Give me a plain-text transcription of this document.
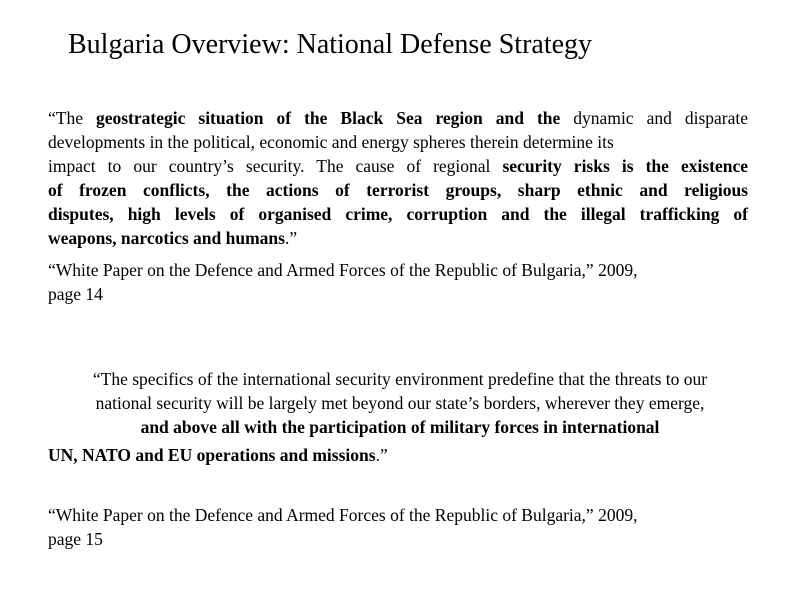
Bulgaria Overview: National Defense Strategy
“The geostrategic situation of the Black Sea region and the dynamic and disparate
developments in the political, economic and energy spheres therein determine its
impact to our country’s security. The cause of regional security risks is the existence
of frozen conflicts, the actions of terrorist groups, sharp ethnic and religious
disputes, high levels of organised crime, corruption and the illegal trafficking of
weapons, narcotics and humans.”
“White Paper on the Defence and Armed Forces of the Republic of Bulgaria,” 2009,
page 14
“The specifics of the international security environment predefine that the threats to our
national security will be largely met beyond our state’s borders, wherever they emerge,
and above all with the participation of military forces in international
UN, NATO and EU operations and missions.”
“White Paper on the Defence and Armed Forces of the Republic of Bulgaria,” 2009,
page 15
